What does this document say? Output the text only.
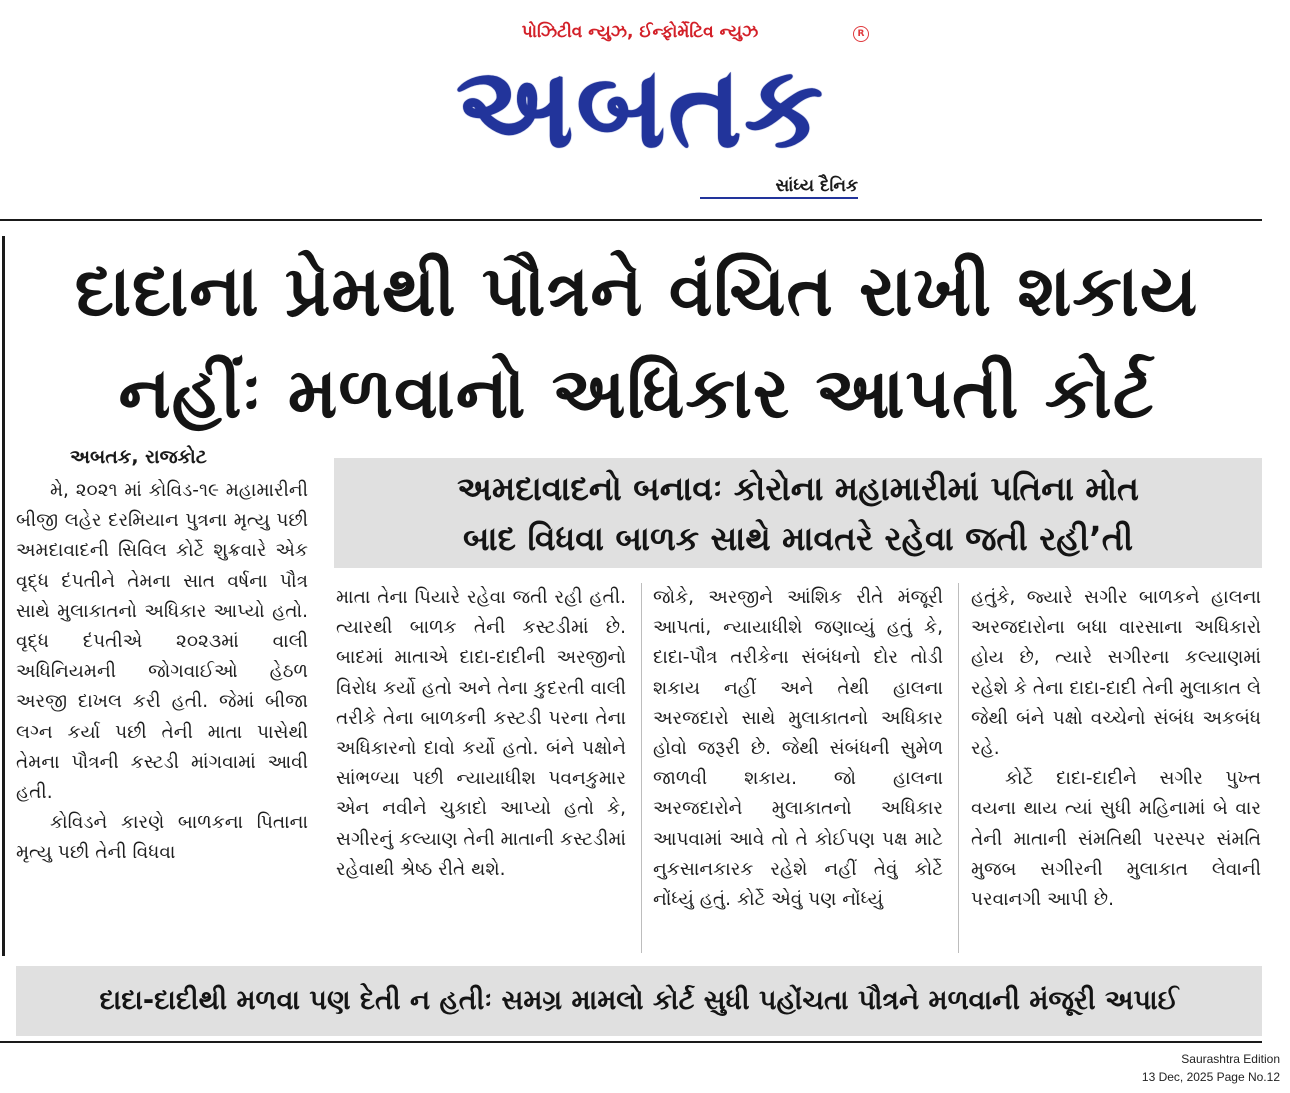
પોઝિટીવ ન્યુઝ, ઈન્ફોર્મેટિવ ન્યુઝ	R
અબતક
સાંધ્ય દૈનિક
દાદાના પ્રેમથી પૌત્રને વંચિત રાખી શકાય
નહીંઃ મળવાનો અધિકાર આપતી કોર્ટ
અબતક, રાજકોટ
અમદાવાદનો બનાવઃ કોરોના મહામારીમાં પતિના મોત
બાદ વિધવા બાળક સાથે માવતરે રહેવા જતી રહી’તી

મે, ૨૦૨૧ માં કોવિડ-૧૯ મહામારીની બીજી લહેર દરમિયાન પુત્રના મૃત્યુ પછી અમદાવાદની સિવિલ કોર્ટે શુક્રવારે એક વૃદ્ધ દંપતીને તેમના સાત વર્ષના પૌત્ર સાથે મુલાકાતનો અધિકાર આપ્યો હતો. વૃદ્ધ દંપતીએ ૨૦૨૩માં વાલી અધિનિયમની જોગવાઈઓ હેઠળ અરજી દાખલ કરી હતી. જેમાં બીજા લગ્ન કર્યા પછી તેની માતા પાસેથી તેમના પૌત્રની કસ્ટડી માંગવામાં આવી હતી.

કોવિડને કારણે બાળકના પિતાના મૃત્યુ પછી તેની વિધવા

માતા તેના પિયારે રહેવા જતી રહી હતી. ત્યારથી બાળક તેની કસ્ટડીમાં છે. બાદમાં માતાએ દાદા-દાદીની અરજીનો વિરોધ કર્યો હતો અને તેના કુદરતી વાલી તરીકે તેના બાળકની કસ્ટડી પરના તેના અધિકારનો દાવો કર્યો હતો. બંને પક્ષોને સાંભળ્યા પછી ન્યાયાધીશ પવનકુમાર એન નવીને ચુકાદો આપ્યો હતો કે, સગીરનું કલ્યાણ તેની માતાની કસ્ટડીમાં રહેવાથી શ્રેષ્ઠ રીતે થશે.

જોકે, અરજીને આંશિક રીતે મંજૂરી આપતાં, ન્યાયાધીશે જણાવ્યું હતું કે, દાદા-પૌત્ર તરીકેના સંબંધનો દોર તોડી શકાય નહીં અને તેથી હાલના અરજદારો સાથે મુલાકાતનો અધિકાર હોવો જરૂરી છે. જેથી સંબંધની સુમેળ જાળવી શકાય. જો હાલના અરજદારોને મુલાકાતનો અધિકાર આપવામાં આવે તો તે કોઈપણ પક્ષ માટે નુકસાનકારક રહેશે નહીં તેવું કોર્ટે નોંધ્યું હતું. કોર્ટે એવું પણ નોંધ્યું

હતુંકે, જ્યારે સગીર બાળકને હાલના અરજદારોના બધા વારસાના અધિકારો હોય છે, ત્યારે સગીરના કલ્યાણમાં રહેશે કે તેના દાદા-દાદી તેની મુલાકાત લે જેથી બંને પક્ષો વચ્ચેનો સંબંધ અકબંધ રહે.

કોર્ટે દાદા-દાદીને સગીર પુખ્ત વયના થાય ત્યાં સુધી મહિનામાં બે વાર તેની માતાની સંમતિથી પરસ્પર સંમતિ મુજબ સગીરની મુલાકાત લેવાની પરવાનગી આપી છે.

દાદા-દાદીથી મળવા પણ દેતી ન હતીઃ સમગ્ર મામલો કોર્ટ સુધી પહોંચતા પૌત્રને મળવાની મંજૂરી અપાઈ
Saurashtra Edition
13 Dec, 2025 Page No.12
